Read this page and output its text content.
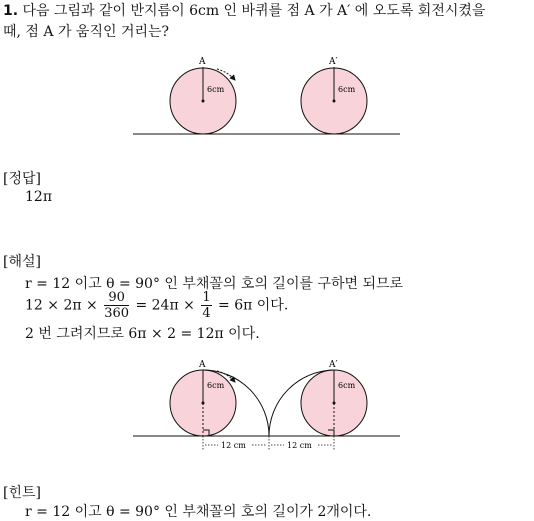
1. 다음 그림과 같이 반지름이 6cm 인 바퀴를 점 A 가 A′ 에 오도록 회전시켰을
때, 점 A 가 움직인 거리는?
A	A′
6cm	6cm
[정답]
12π
[해설]
r = 12 이고 θ = 90° 인 부채꼴의 호의 길이를 구하면 되므로
$12 \times 2\pi \times \frac{90}{360} = 24\pi \times \frac{1}{4} = 6\pi$ 이다.
2 번 그려지므로 6π × 2 = 12π 이다.
A	A′
6cm	6cm
12 cm	12 cm
[힌트]
r = 12 이고 θ = 90° 인 부채꼴의 호의 길이가 2개이다.
